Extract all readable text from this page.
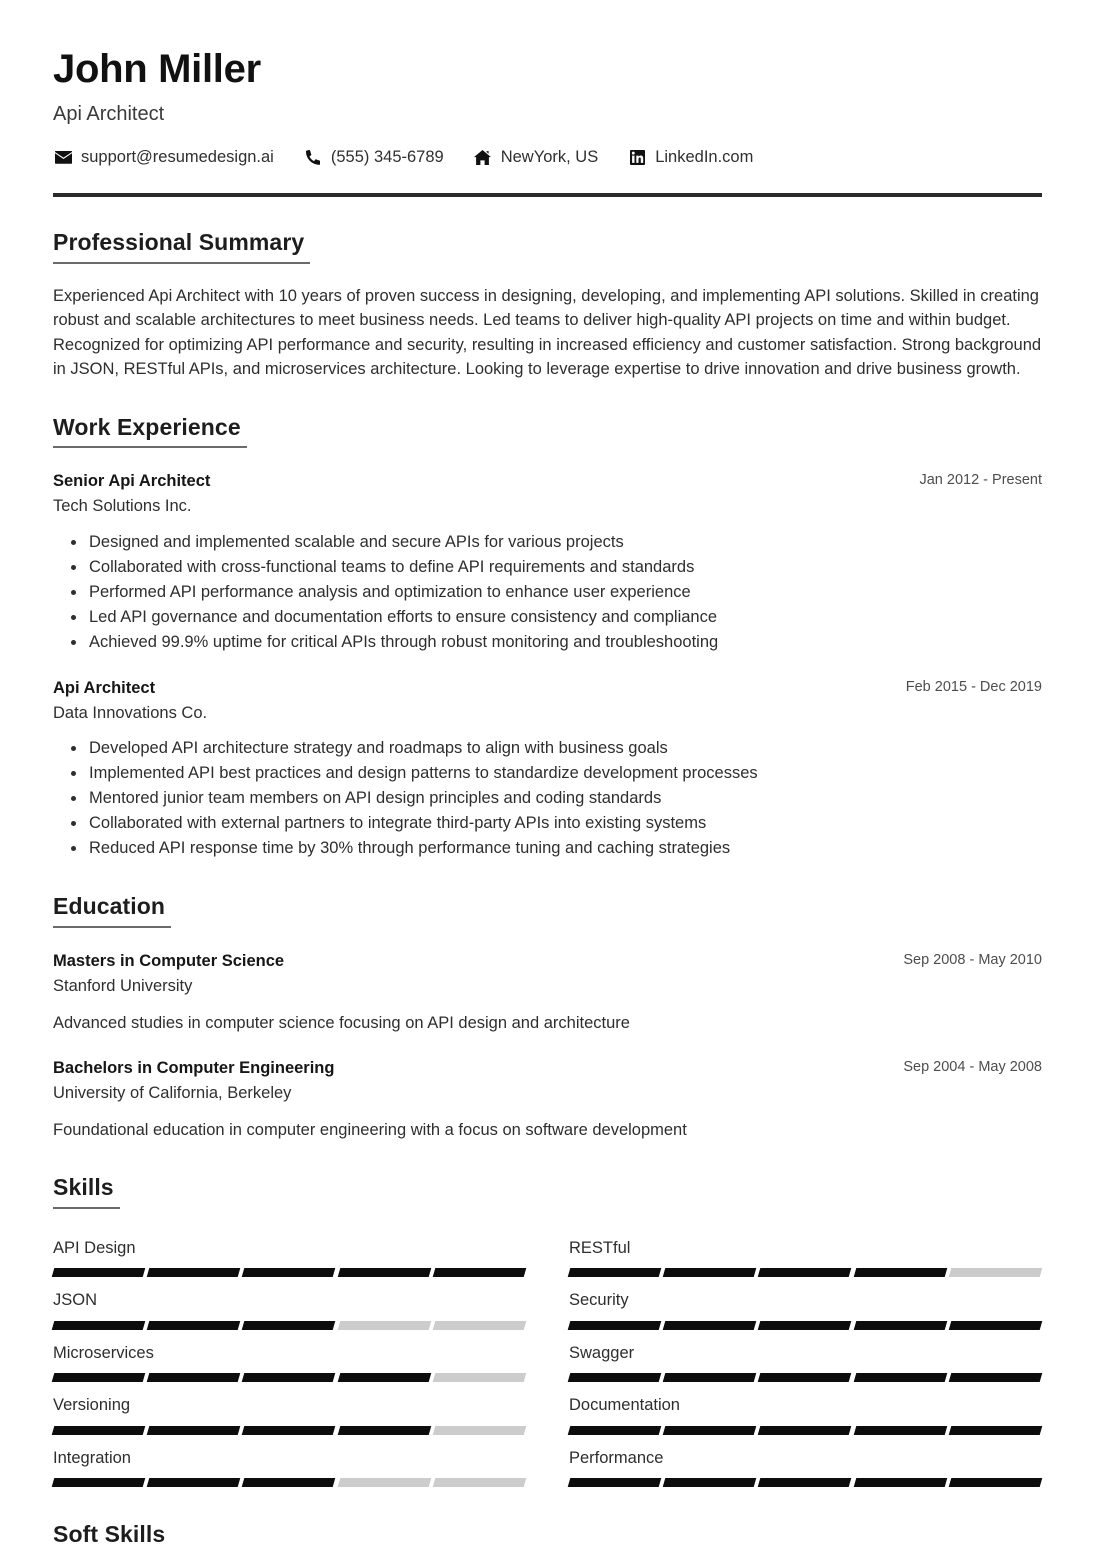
John Miller
Api Architect
support@resumedesign.ai	(555) 345-6789	NewYork, US	LinkedIn.com
Professional Summary
Experienced Api Architect with 10 years of proven success in designing, developing, and implementing API solutions. Skilled in creating robust and scalable architectures to meet business needs. Led teams to deliver high-quality API projects on time and within budget. Recognized for optimizing API performance and security, resulting in increased efficiency and customer satisfaction. Strong background in JSON, RESTful APIs, and microservices architecture. Looking to leverage expertise to drive innovation and drive business growth.
Work Experience
Senior Api Architect
Tech Solutions Inc.
Jan 2012 - Present
Designed and implemented scalable and secure APIs for various projects
Collaborated with cross-functional teams to define API requirements and standards
Performed API performance analysis and optimization to enhance user experience
Led API governance and documentation efforts to ensure consistency and compliance
Achieved 99.9% uptime for critical APIs through robust monitoring and troubleshooting
Api Architect
Data Innovations Co.
Feb 2015 - Dec 2019
Developed API architecture strategy and roadmaps to align with business goals
Implemented API best practices and design patterns to standardize development processes
Mentored junior team members on API design principles and coding standards
Collaborated with external partners to integrate third-party APIs into existing systems
Reduced API response time by 30% through performance tuning and caching strategies
Education
Masters in Computer Science
Stanford University
Sep 2008 - May 2010
Advanced studies in computer science focusing on API design and architecture
Bachelors in Computer Engineering
University of California, Berkeley
Sep 2004 - May 2008
Foundational education in computer engineering with a focus on software development
Skills
API Design	RESTful
JSON	Security
Microservices	Swagger
Versioning	Documentation
Integration	Performance
Soft Skills
